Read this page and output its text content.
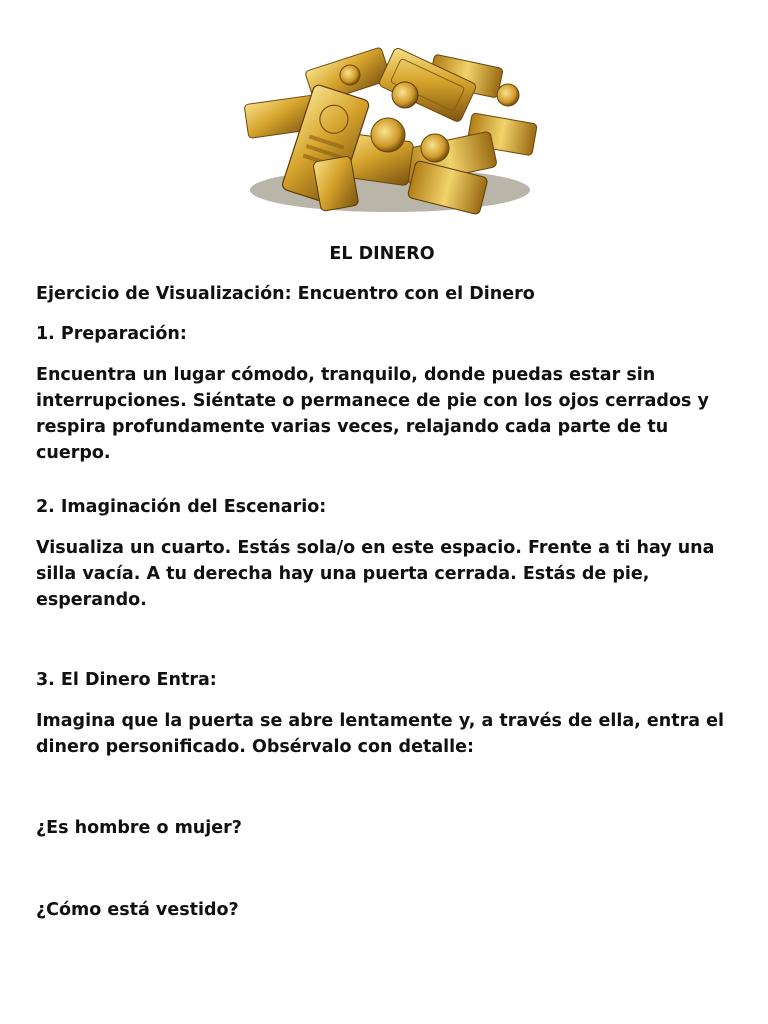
EL DINERO

Ejercicio de Visualización: Encuentro con el Dinero

1. Preparación:

Encuentra un lugar cómodo, tranquilo, donde puedas estar sin interrupciones. Siéntate o permanece de pie con los ojos cerrados y respira profundamente varias veces, relajando cada parte de tu cuerpo.

2. Imaginación del Escenario:

Visualiza un cuarto. Estás sola/o en este espacio. Frente a ti hay una silla vacía. A tu derecha hay una puerta cerrada. Estás de pie, esperando.

3. El Dinero Entra:

Imagina que la puerta se abre lentamente y, a través de ella, entra el dinero personificado. Obsérvalo con detalle:

¿Es hombre o mujer?

¿Cómo está vestido?
